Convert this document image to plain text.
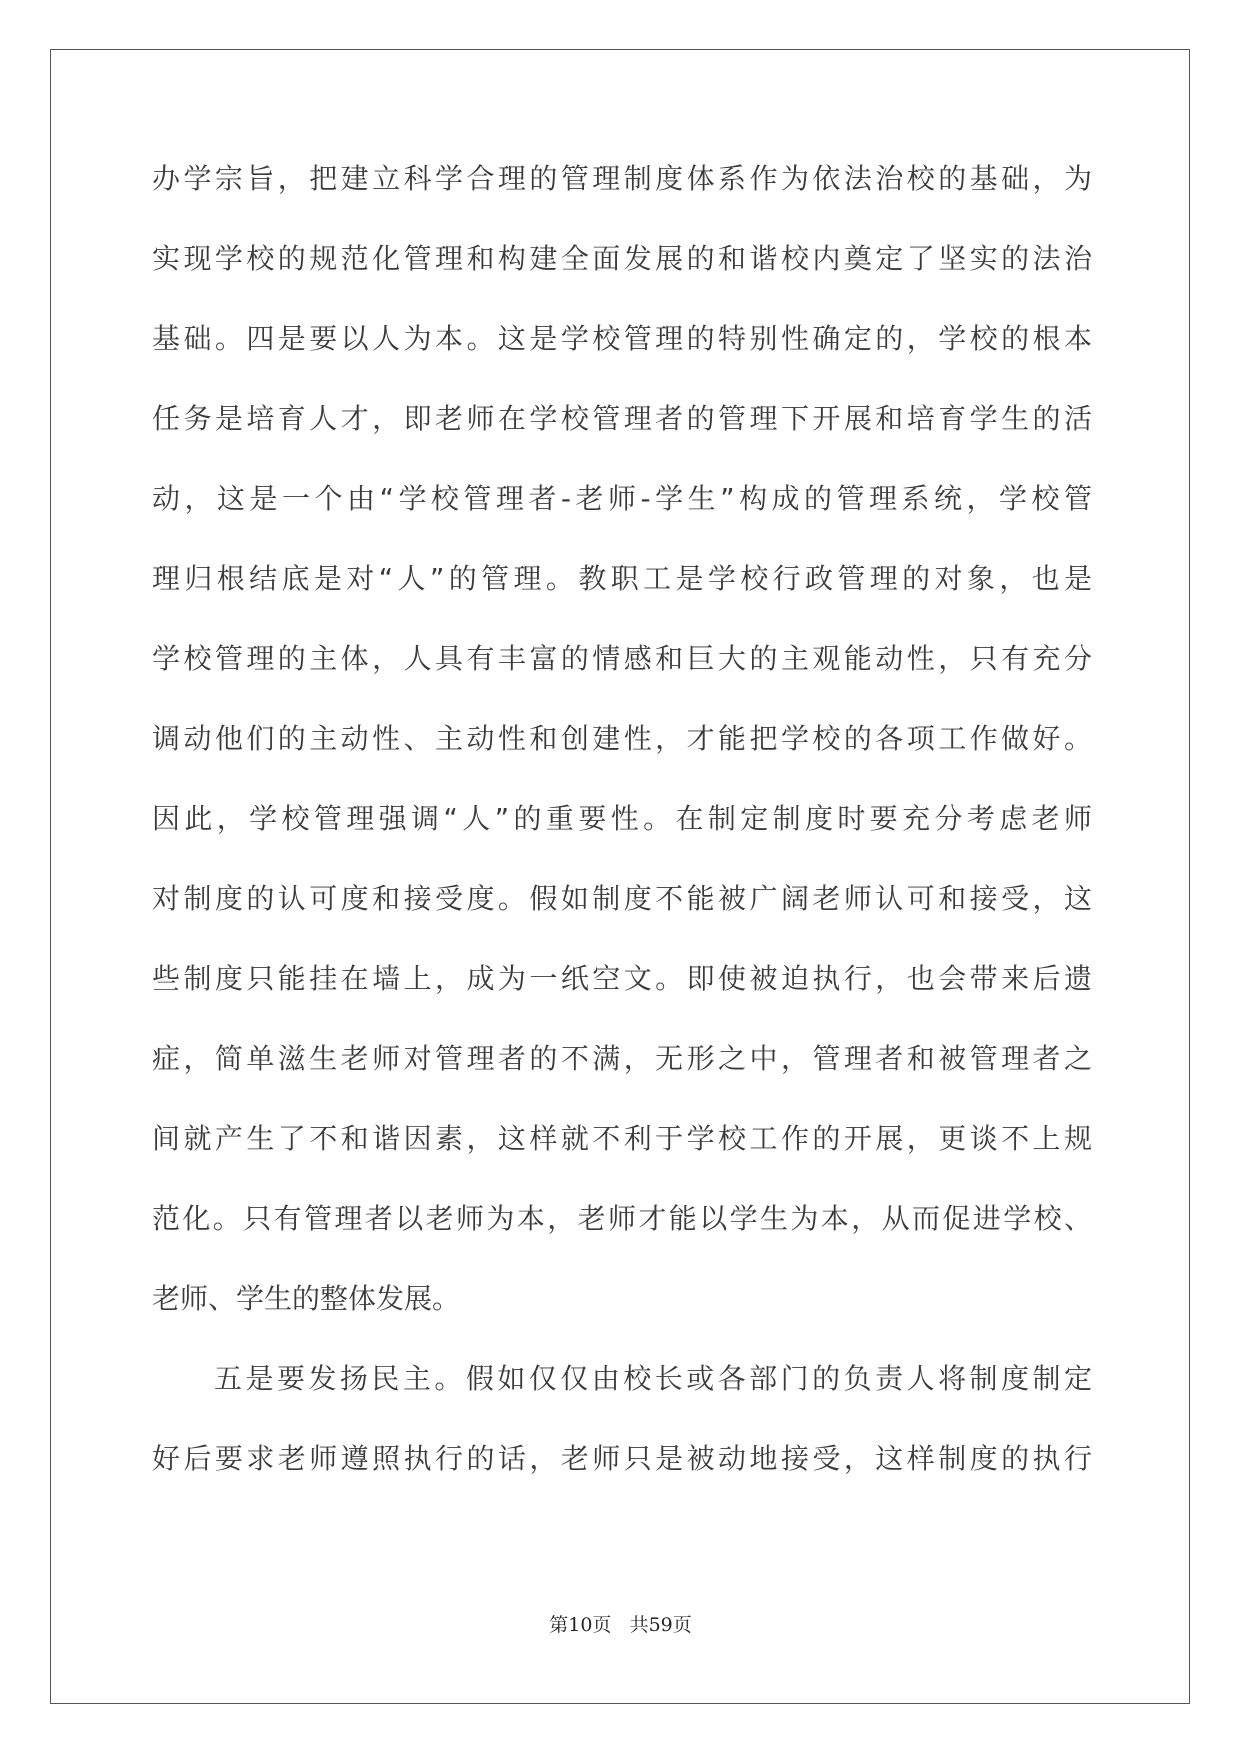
办学宗旨，把建立科学合理的管理制度体系作为依法治校的基础，为
实现学校的规范化管理和构建全面发展的和谐校内奠定了坚实的法治
基础。四是要以人为本。这是学校管理的特别性确定的，学校的根本
任务是培育人才，即老师在学校管理者的管理下开展和培育学生的活
动，这是一个由“学校管理者-老师-学生”构成的管理系统，学校管
理归根结底是对“人”的管理。教职工是学校行政管理的对象，也是
学校管理的主体，人具有丰富的情感和巨大的主观能动性，只有充分
调动他们的主动性、主动性和创建性，才能把学校的各项工作做好。
因此，学校管理强调“人”的重要性。在制定制度时要充分考虑老师
对制度的认可度和接受度。假如制度不能被广阔老师认可和接受，这
些制度只能挂在墙上，成为一纸空文。即使被迫执行，也会带来后遗
症，简单滋生老师对管理者的不满，无形之中，管理者和被管理者之
间就产生了不和谐因素，这样就不利于学校工作的开展，更谈不上规
范化。只有管理者以老师为本，老师才能以学生为本，从而促进学校、
老师、学生的整体发展。
五是要发扬民主。假如仅仅由校长或各部门的负责人将制度制定
好后要求老师遵照执行的话，老师只是被动地接受，这样制度的执行
第10页 共59页
